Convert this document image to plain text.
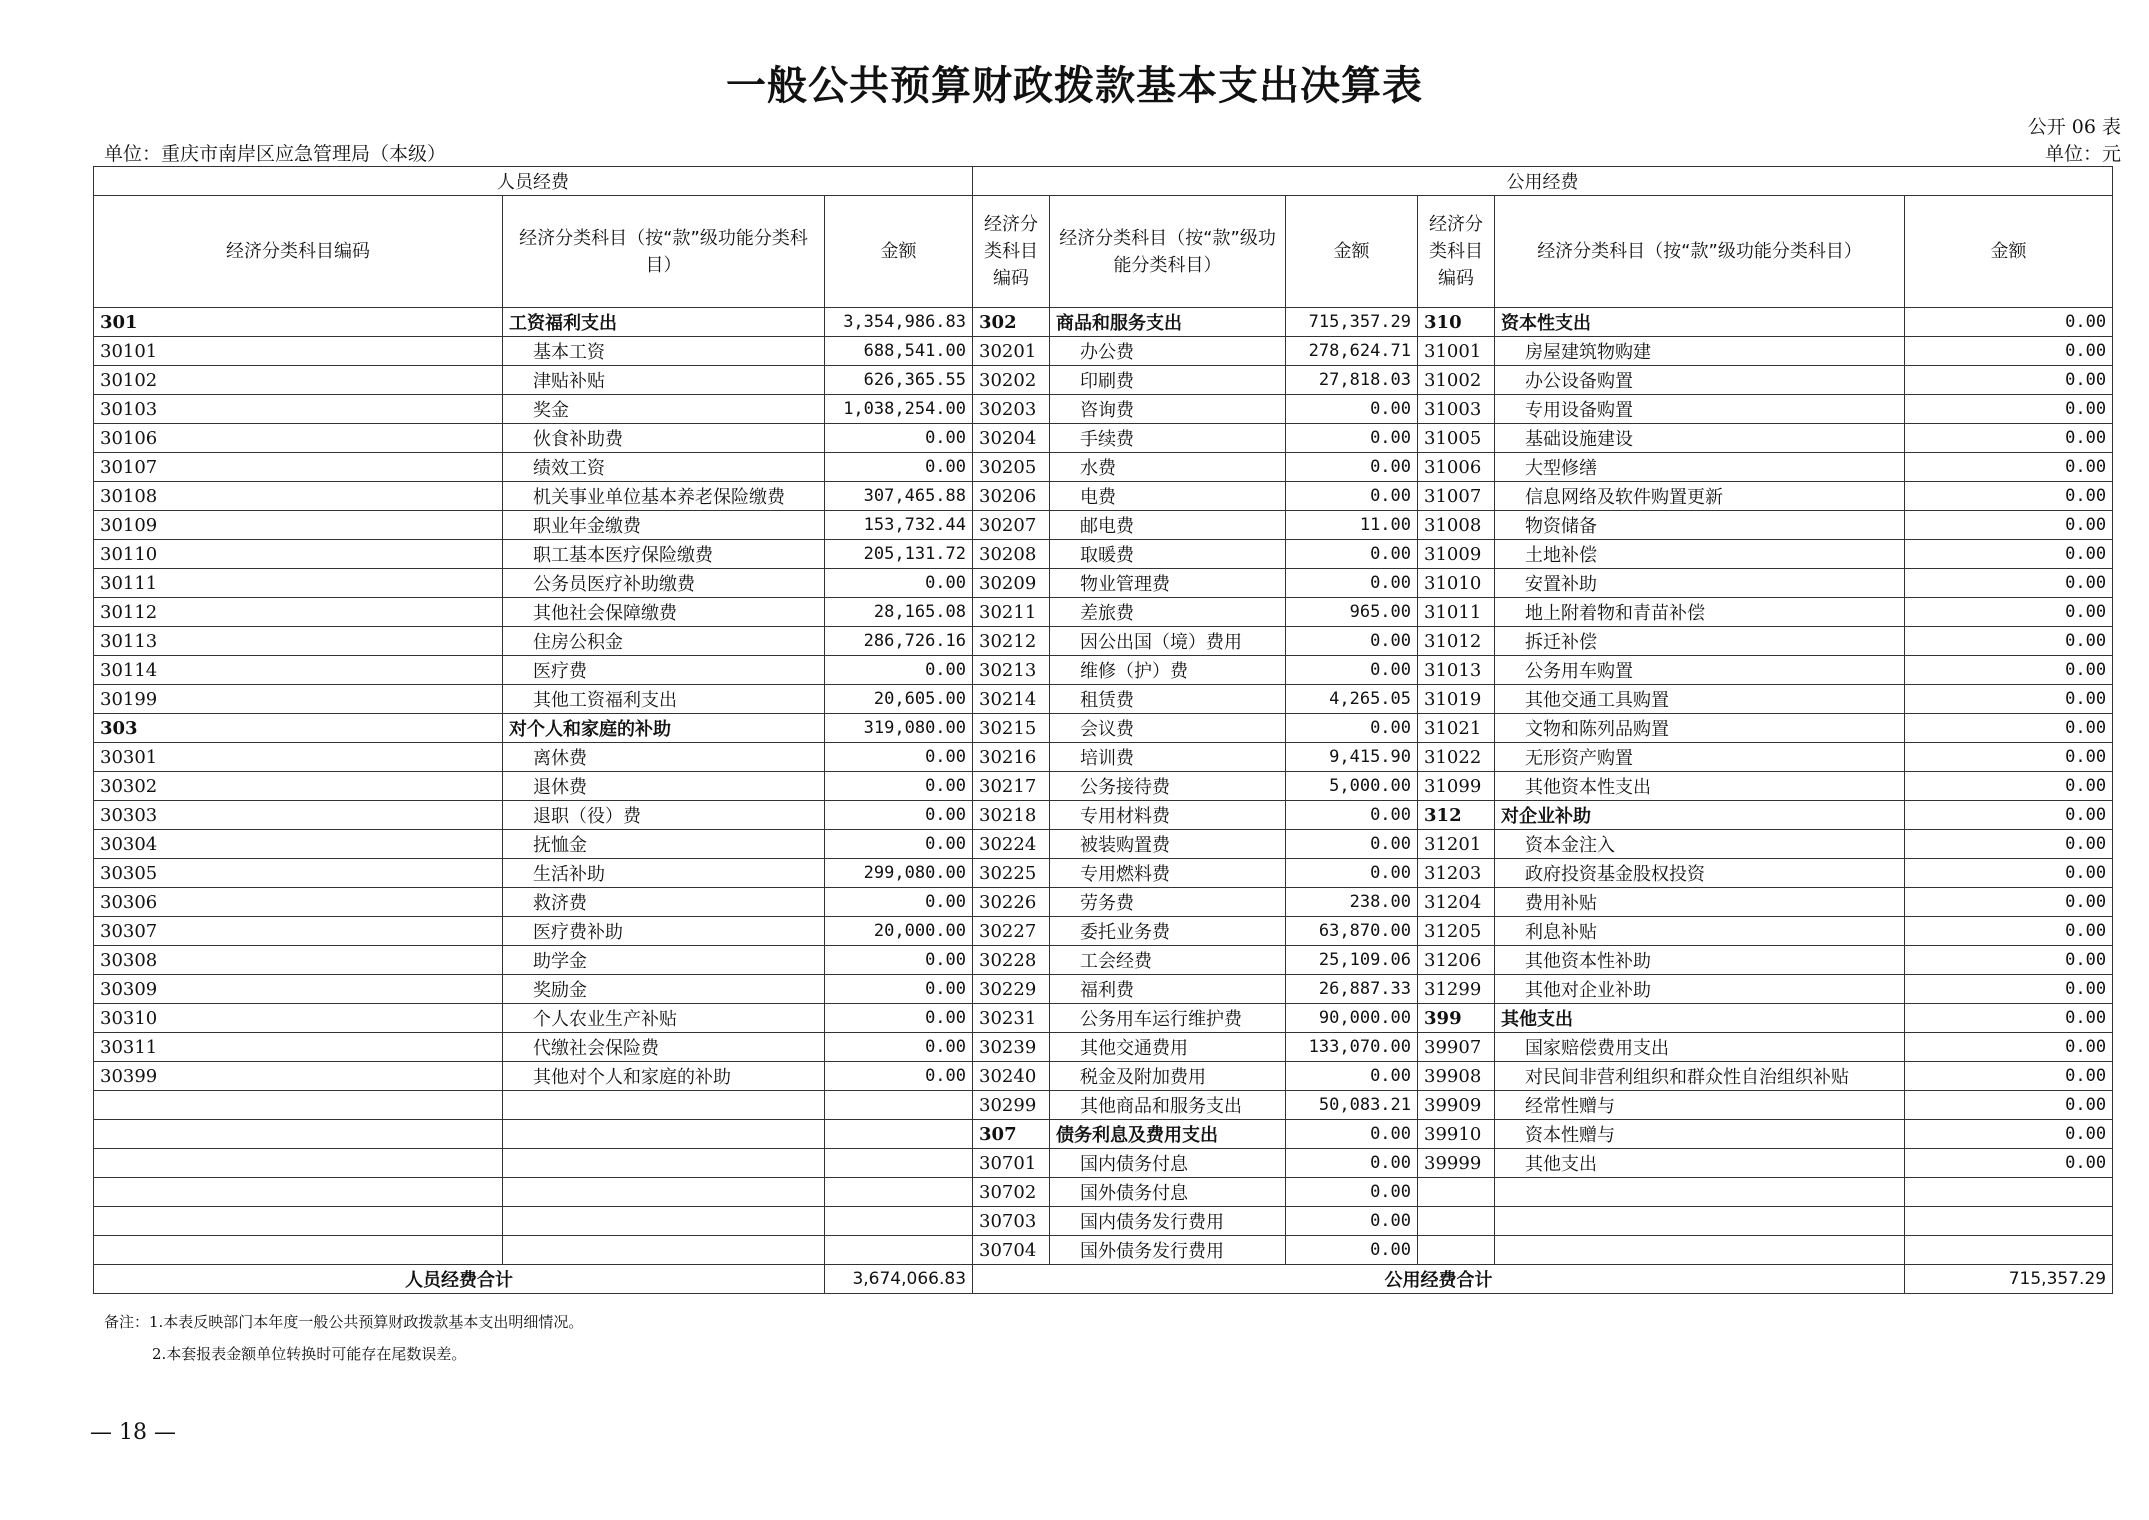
一般公共预算财政拨款基本支出决算表
公开 06 表
单位：重庆市南岸区应急管理局（本级）	单位：元
人员经费			公用经费					
经济分类科目编码	经济分类科目（按“款”级功能分类科目）	金额	经济分类科目编码	经济分类科目（按“款”级功能分类科目）	金额	经济分类科目编码	经济分类科目（按“款”级功能分类科目）	金额
301	工资福利支出	3,354,986.83	302	商品和服务支出	715,357.29	310	资本性支出	0.00
30101	基本工资	688,541.00	30201	办公费	278,624.71	31001	房屋建筑物购建	0.00
30102	津贴补贴	626,365.55	30202	印刷费	27,818.03	31002	办公设备购置	0.00
30103	奖金	1,038,254.00	30203	咨询费	0.00	31003	专用设备购置	0.00
30106	伙食补助费	0.00	30204	手续费	0.00	31005	基础设施建设	0.00
30107	绩效工资	0.00	30205	水费	0.00	31006	大型修缮	0.00
30108	机关事业单位基本养老保险缴费	307,465.88	30206	电费	0.00	31007	信息网络及软件购置更新	0.00
30109	职业年金缴费	153,732.44	30207	邮电费	11.00	31008	物资储备	0.00
30110	职工基本医疗保险缴费	205,131.72	30208	取暖费	0.00	31009	土地补偿	0.00
30111	公务员医疗补助缴费	0.00	30209	物业管理费	0.00	31010	安置补助	0.00
30112	其他社会保障缴费	28,165.08	30211	差旅费	965.00	31011	地上附着物和青苗补偿	0.00
30113	住房公积金	286,726.16	30212	因公出国（境）费用	0.00	31012	拆迁补偿	0.00
30114	医疗费	0.00	30213	维修（护）费	0.00	31013	公务用车购置	0.00
30199	其他工资福利支出	20,605.00	30214	租赁费	4,265.05	31019	其他交通工具购置	0.00
303	对个人和家庭的补助	319,080.00	30215	会议费	0.00	31021	文物和陈列品购置	0.00
30301	离休费	0.00	30216	培训费	9,415.90	31022	无形资产购置	0.00
30302	退休费	0.00	30217	公务接待费	5,000.00	31099	其他资本性支出	0.00
30303	退职（役）费	0.00	30218	专用材料费	0.00	312	对企业补助	0.00
30304	抚恤金	0.00	30224	被装购置费	0.00	31201	资本金注入	0.00
30305	生活补助	299,080.00	30225	专用燃料费	0.00	31203	政府投资基金股权投资	0.00
30306	救济费	0.00	30226	劳务费	238.00	31204	费用补贴	0.00
30307	医疗费补助	20,000.00	30227	委托业务费	63,870.00	31205	利息补贴	0.00
30308	助学金	0.00	30228	工会经费	25,109.06	31206	其他资本性补助	0.00
30309	奖励金	0.00	30229	福利费	26,887.33	31299	其他对企业补助	0.00
30310	个人农业生产补贴	0.00	30231	公务用车运行维护费	90,000.00	399	其他支出	0.00
30311	代缴社会保险费	0.00	30239	其他交通费用	133,070.00	39907	国家赔偿费用支出	0.00
30399	其他对个人和家庭的补助	0.00	30240	税金及附加费用	0.00	39908	对民间非营利组织和群众性自治组织补贴	0.00
			30299	其他商品和服务支出	50,083.21	39909	经常性赠与	0.00
			307	债务利息及费用支出	0.00	39910	资本性赠与	0.00
			30701	国内债务付息	0.00	39999	其他支出	0.00
			30702	国外债务付息	0.00			
			30703	国内债务发行费用	0.00			
			30704	国外债务发行费用	0.00			
人员经费合计		3,674,066.83	公用经费合计					715,357.29
备注：1.本表反映部门本年度一般公共预算财政拨款基本支出明细情况。
2.本套报表金额单位转换时可能存在尾数误差。
— 18 —
